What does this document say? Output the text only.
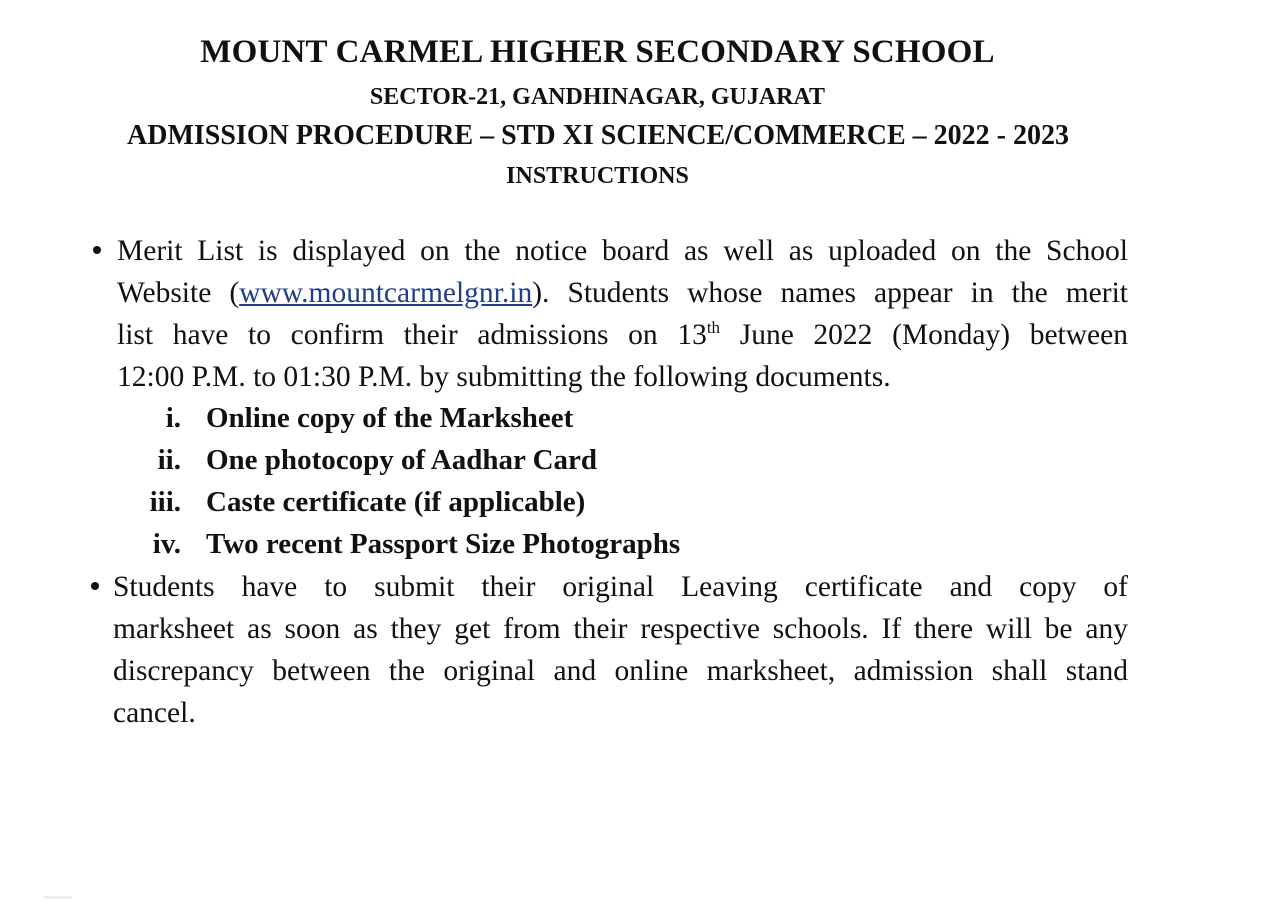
MOUNT CARMEL HIGHER SECONDARY SCHOOL
SECTOR-21, GANDHINAGAR, GUJARAT
ADMISSION PROCEDURE – STD XI SCIENCE/COMMERCE – 2022 - 2023
INSTRUCTIONS
Merit List is displayed on the notice board as well as uploaded on the School
Website (www.mountcarmelgnr.in). Students whose names appear in the merit
list have to confirm their admissions on 13th June 2022 (Monday) between
12:00 P.M. to 01:30 P.M. by submitting the following documents.
i. Online copy of the Marksheet
ii. One photocopy of Aadhar Card
iii. Caste certificate (if applicable)
iv. Two recent Passport Size Photographs
Students have to submit their original Leaving certificate and copy of
marksheet as soon as they get from their respective schools. If there will be any
discrepancy between the original and online marksheet, admission shall stand
cancel.
